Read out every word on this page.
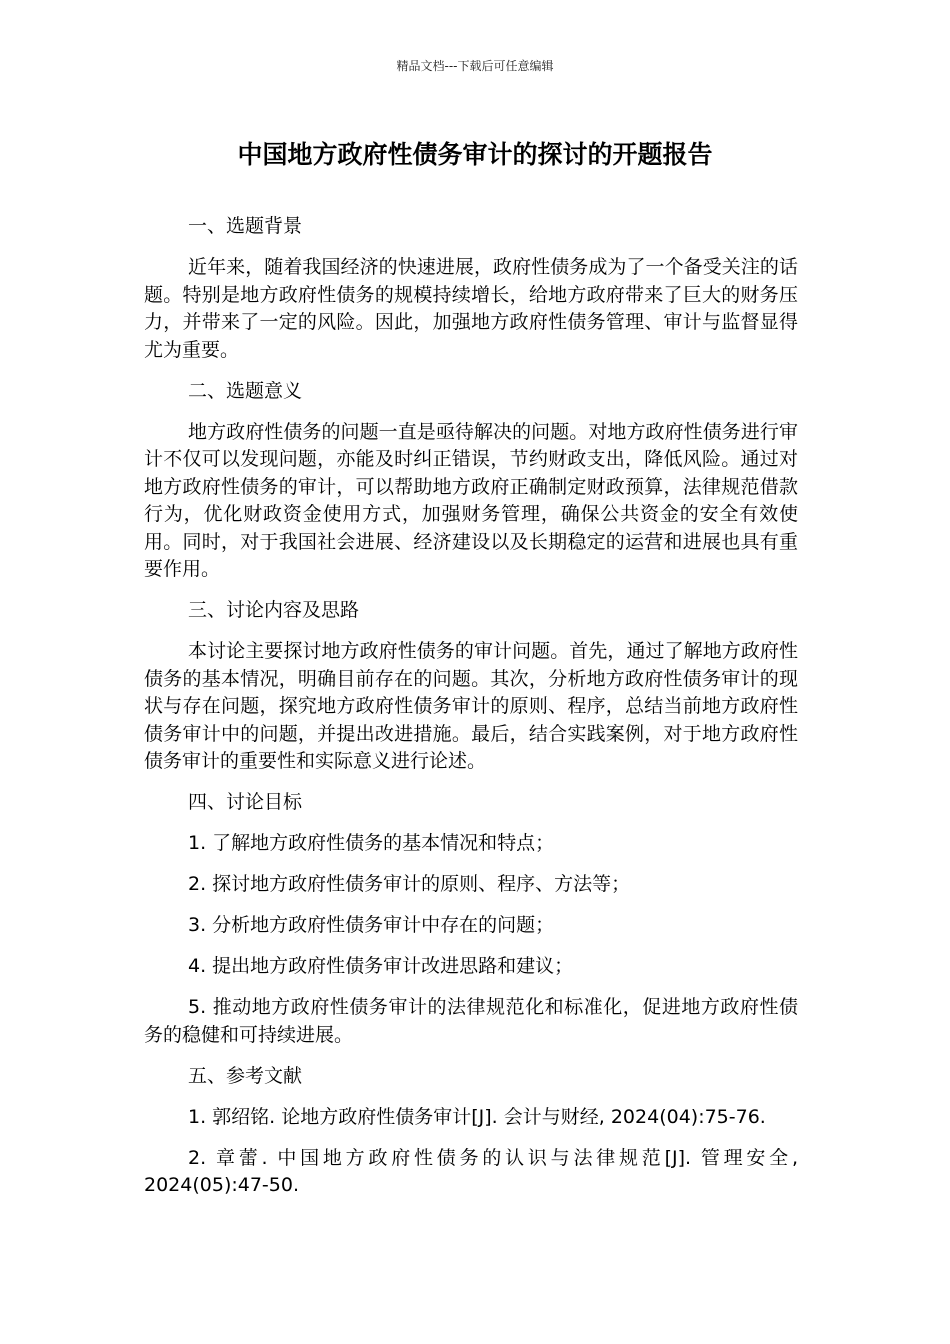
精品文档---下载后可任意编辑
中国地方政府性债务审计的探讨的开题报告

一、选题背景

近年来，随着我国经济的快速进展，政府性债务成为了一个备受关注的话题。特别是地方政府性债务的规模持续增长，给地方政府带来了巨大的财务压力，并带来了一定的风险。因此，加强地方政府性债务管理、审计与监督显得尤为重要。

二、选题意义

地方政府性债务的问题一直是亟待解决的问题。对地方政府性债务进行审计不仅可以发现问题，亦能及时纠正错误，节约财政支出，降低风险。通过对地方政府性债务的审计，可以帮助地方政府正确制定财政预算，法律规范借款行为，优化财政资金使用方式，加强财务管理，确保公共资金的安全有效使用。同时，对于我国社会进展、经济建设以及长期稳定的运营和进展也具有重要作用。

三、讨论内容及思路

本讨论主要探讨地方政府性债务的审计问题。首先，通过了解地方政府性债务的基本情况，明确目前存在的问题。其次，分析地方政府性债务审计的现状与存在问题，探究地方政府性债务审计的原则、程序，总结当前地方政府性债务审计中的问题，并提出改进措施。最后，结合实践案例，对于地方政府性债务审计的重要性和实际意义进行论述。

四、讨论目标

1. 了解地方政府性债务的基本情况和特点；

2. 探讨地方政府性债务审计的原则、程序、方法等；

3. 分析地方政府性债务审计中存在的问题；

4. 提出地方政府性债务审计改进思路和建议；

5. 推动地方政府性债务审计的法律规范化和标准化，促进地方政府性债务的稳健和可持续进展。

五、参考文献

1. 郭绍铭. 论地方政府性债务审计[J]. 会计与财经, 2024(04):75-76.

2. 章蕾. 中国地方政府性债务的认识与法律规范[J]. 管理安全, 2024(05):47-50.
